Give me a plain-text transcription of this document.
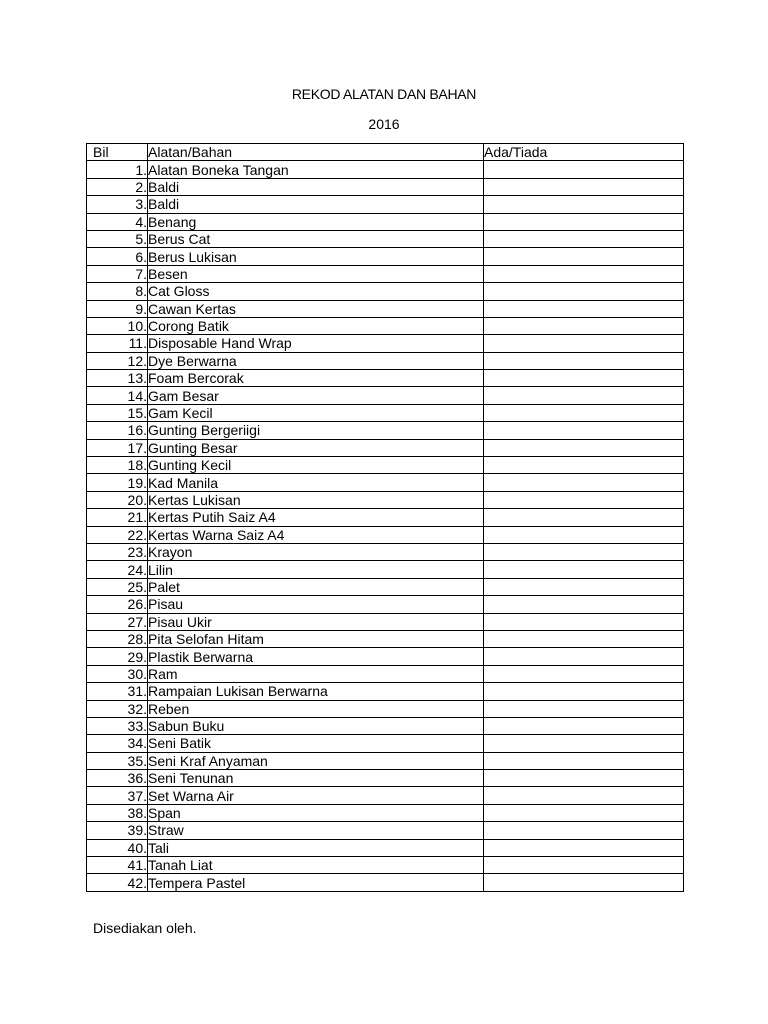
REKOD ALATAN DAN BAHAN
2016
Bil	Alatan/Bahan	Ada/Tiada
1.	Alatan Boneka Tangan	
2.	Baldi	
3.	Baldi	
4.	Benang	
5.	Berus Cat	
6.	Berus Lukisan	
7.	Besen	
8.	Cat Gloss	
9.	Cawan Kertas	
10.	Corong Batik	
11.	Disposable Hand Wrap	
12.	Dye Berwarna	
13.	Foam Bercorak	
14.	Gam Besar	
15.	Gam Kecil	
16.	Gunting Bergeriigi	
17.	Gunting Besar	
18.	Gunting Kecil	
19.	Kad Manila	
20.	Kertas Lukisan	
21.	Kertas Putih Saiz A4	
22.	Kertas Warna Saiz A4	
23.	Krayon	
24.	Lilin	
25.	Palet	
26.	Pisau	
27.	Pisau Ukir	
28.	Pita Selofan Hitam	
29.	Plastik Berwarna	
30.	Ram	
31.	Rampaian Lukisan Berwarna	
32.	Reben	
33.	Sabun Buku	
34.	Seni Batik	
35.	Seni Kraf Anyaman	
36.	Seni Tenunan	
37.	Set Warna Air	
38.	Span	
39.	Straw	
40.	Tali	
41.	Tanah Liat	
42.	Tempera Pastel	
Disediakan oleh.
